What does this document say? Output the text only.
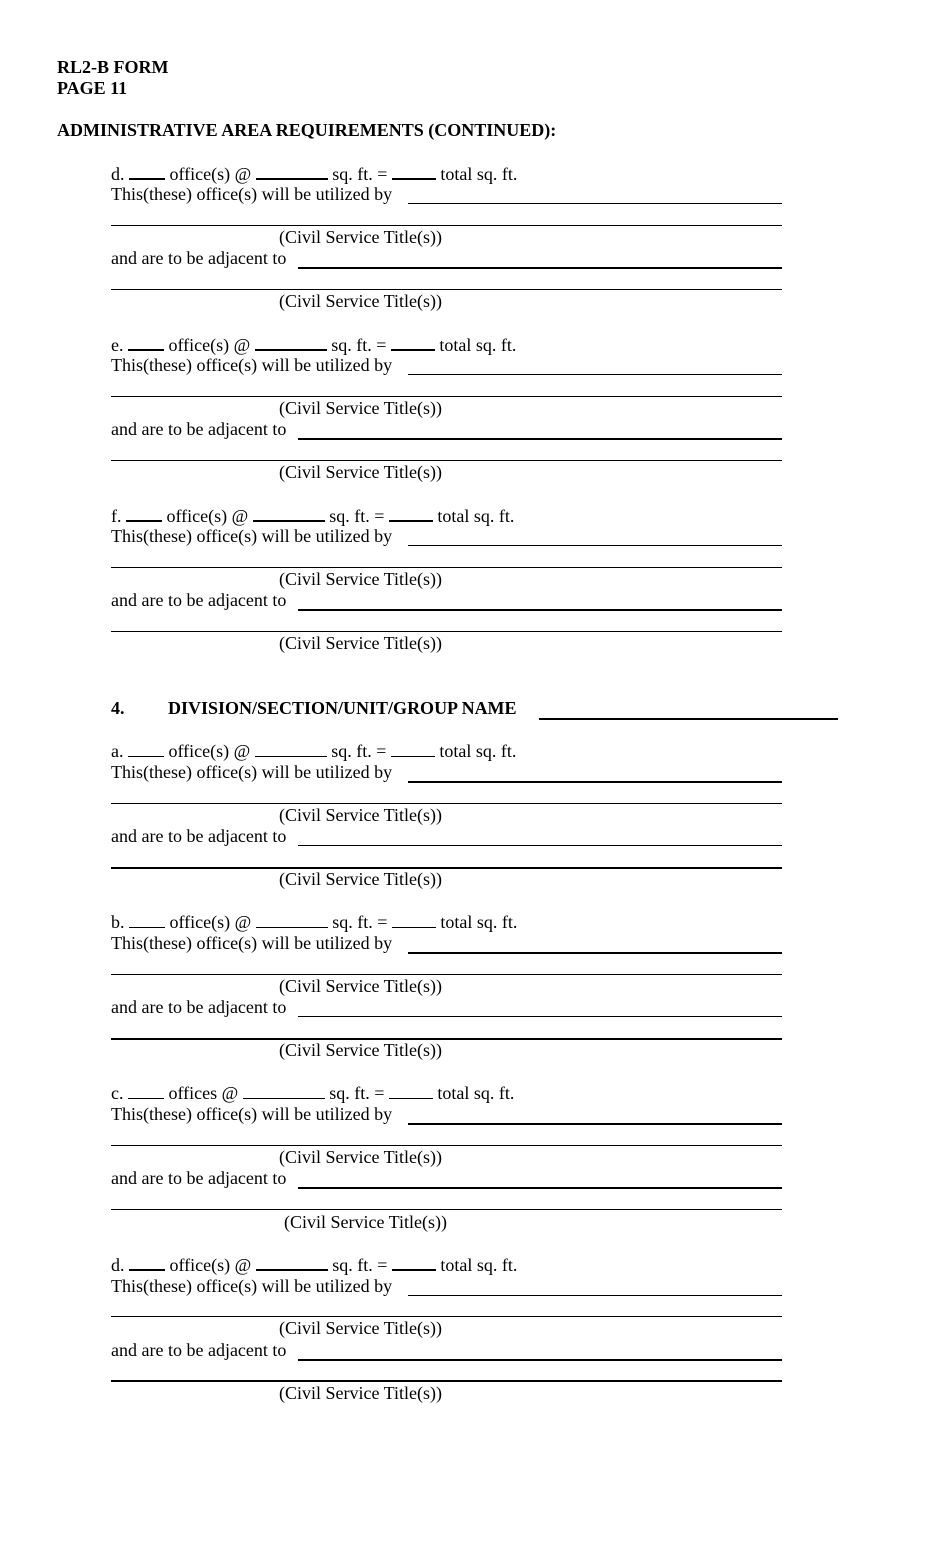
RL2-B FORM
PAGE 11
ADMINISTRATIVE AREA REQUIREMENTS (CONTINUED):
d.	office(s) @	sq. ft. =	total sq. ft.
This(these) office(s) will be utilized by
(Civil Service Title(s))
and are to be adjacent to
(Civil Service Title(s))
e.	office(s) @	sq. ft. =	total sq. ft.
This(these) office(s) will be utilized by
(Civil Service Title(s))
and are to be adjacent to
(Civil Service Title(s))
f.	office(s) @	sq. ft. =	total sq. ft.
This(these) office(s) will be utilized by
(Civil Service Title(s))
and are to be adjacent to
(Civil Service Title(s))
4. DIVISION/SECTION/UNIT/GROUP NAME
a.	office(s) @	sq. ft. =	total sq. ft.
This(these) office(s) will be utilized by
(Civil Service Title(s))
and are to be adjacent to
(Civil Service Title(s))
b.	office(s) @	sq. ft. =	total sq. ft.
This(these) office(s) will be utilized by
(Civil Service Title(s))
and are to be adjacent to
(Civil Service Title(s))
c.	offices @	sq. ft. =	total sq. ft.
This(these) office(s) will be utilized by
(Civil Service Title(s))
and are to be adjacent to
(Civil Service Title(s))
d.	office(s) @	sq. ft. =	total sq. ft.
This(these) office(s) will be utilized by
(Civil Service Title(s))
and are to be adjacent to
(Civil Service Title(s))
